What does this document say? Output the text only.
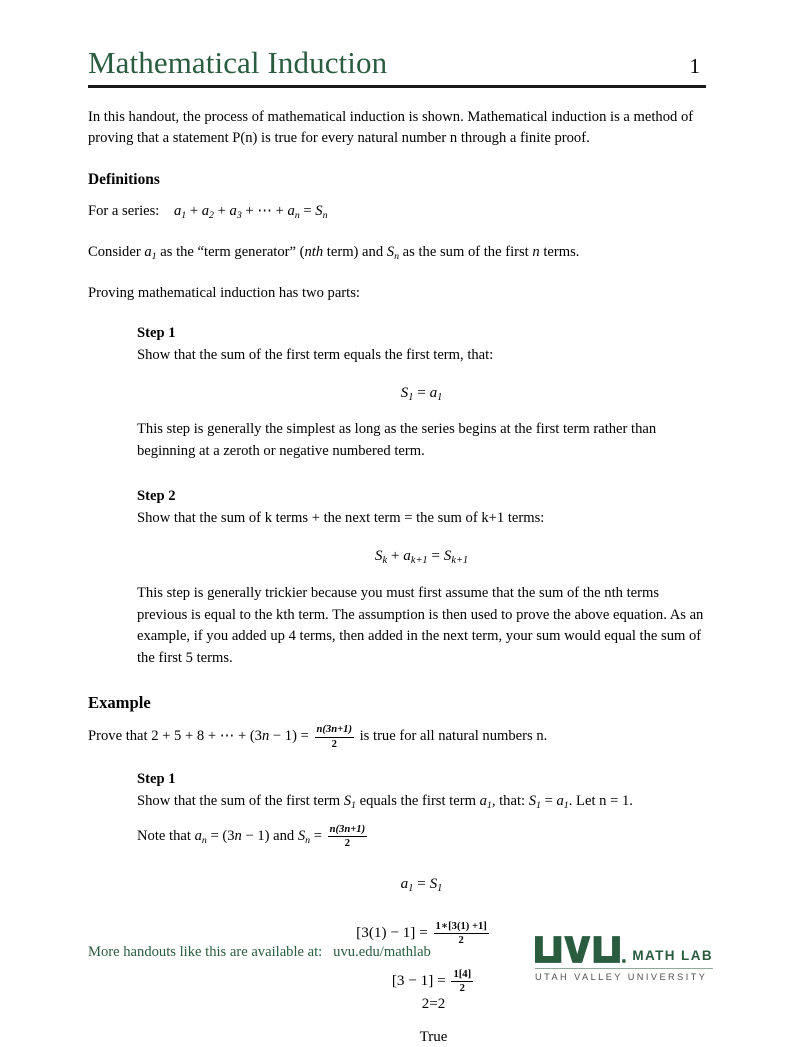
Mathematical Induction	1
In this handout, the process of mathematical induction is shown. Mathematical induction is a method of proving that a statement P(n) is true for every natural number n through a finite proof.
Definitions
For a series: $a_1 + a_2 + a_3$ + ⋯ + $a_n = S_n$
Consider $a_1$ as the “term generator” (nth term) and $S_n$ as the sum of the first n terms.
Proving mathematical induction has two parts:
Step 1
Show that the sum of the first term equals the first term, that:
$S_1 = a_1$
This step is generally the simplest as long as the series begins at the first term rather than beginning at a zeroth or negative numbered term.
Step 2
Show that the sum of k terms + the next term = the sum of k+1 terms:
$S_k + a_{k+1} = S_{k+1}$
This step is generally trickier because you must first assume that the sum of the nth terms previous is equal to the kth term. The assumption is then used to prove the above equation. As an example, if you added up 4 terms, then added in the next term, your sum would equal the sum of the first 5 terms.
Example
Prove that 2 + 5 + 8 + ⋯ + $(3n - 1) = \frac{n(3n+1)}{2}$ is true for all natural numbers n.
Step 1
Show that the sum of the first term $S_1$ equals the first term $a_1$, that: $S_1 = a_1$. Let n = 1.
Note that $a_n = (3n - 1)$ and $S_n = \frac{n(3n+1)}{2}$
$a_1 = S_1$
$[3(1) - 1] = \frac{1∗[3(1) +1]}{2}$
$[3 - 1] = \frac{1[4]}{2}$
2=2
True
More handouts like this are available at:   uvu.edu/mathlab	MATH LAB
UTAH VALLEY UNIVERSITY
